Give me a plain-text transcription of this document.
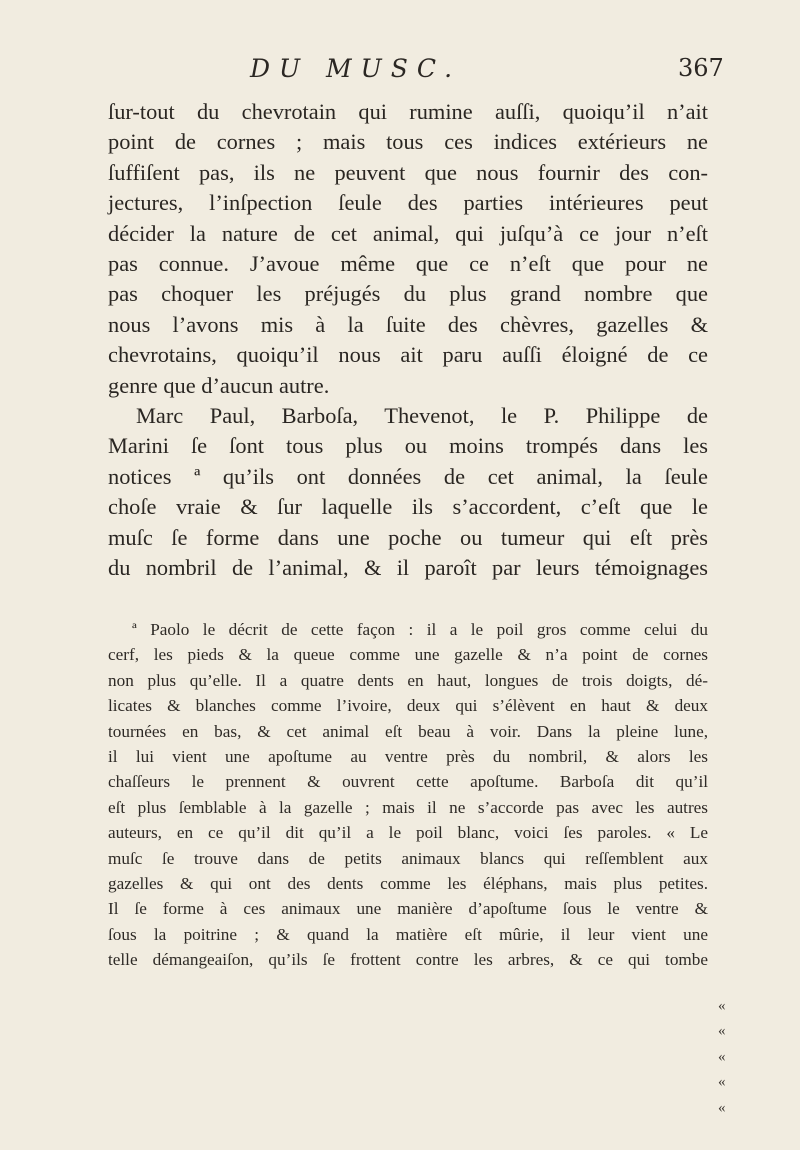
DU MUSC.	367
ſur-tout du chevrotain qui rumine auſſi, quoiqu’il n’ait
point de cornes ; mais tous ces indices extérieurs ne
ſuffiſent pas, ils ne peuvent que nous fournir des con-
jectures, l’inſpection ſeule des parties intérieures peut
décider la nature de cet animal, qui juſqu’à ce jour n’eſt
pas connue. J’avoue même que ce n’eſt que pour ne
pas choquer les préjugés du plus grand nombre que
nous l’avons mis à la ſuite des chèvres, gazelles &
chevrotains, quoiqu’il nous ait paru auſſi éloigné de ce
genre que d’aucun autre.
Marc Paul, Barboſa, Thevenot, le P. Philippe de
Marini ſe ſont tous plus ou moins trompés dans les
notices ª qu’ils ont données de cet animal, la ſeule
choſe vraie & ſur laquelle ils s’accordent, c’eſt que le
muſc ſe forme dans une poche ou tumeur qui eſt près
du nombril de l’animal, & il paroît par leurs témoignages
ª Paolo le décrit de cette façon : il a le poil gros comme celui du
cerf, les pieds & la queue comme une gazelle & n’a point de cornes
non plus qu’elle. Il a quatre dents en haut, longues de trois doigts, dé-
licates & blanches comme l’ivoire, deux qui s’élèvent en haut & deux
tournées en bas, & cet animal eſt beau à voir. Dans la pleine lune,
il lui vient une apoſtume au ventre près du nombril, & alors les
chaſſeurs le prennent & ouvrent cette apoſtume. Barboſa dit qu’il
eſt plus ſemblable à la gazelle ; mais il ne s’accorde pas avec les autres
auteurs, en ce qu’il dit qu’il a le poil blanc, voici ſes paroles. « Le
muſc ſe trouve dans de petits animaux blancs qui reſſemblent aux
gazelles & qui ont des dents comme les éléphans, mais plus petites.
Il ſe forme à ces animaux une manière d’apoſtume ſous le ventre &
ſous la poitrine ; & quand la matière eſt mûrie, il leur vient une
telle démangeaiſon, qu’ils ſe frottent contre les arbres, & ce qui tombe
«
«
«
«
«
